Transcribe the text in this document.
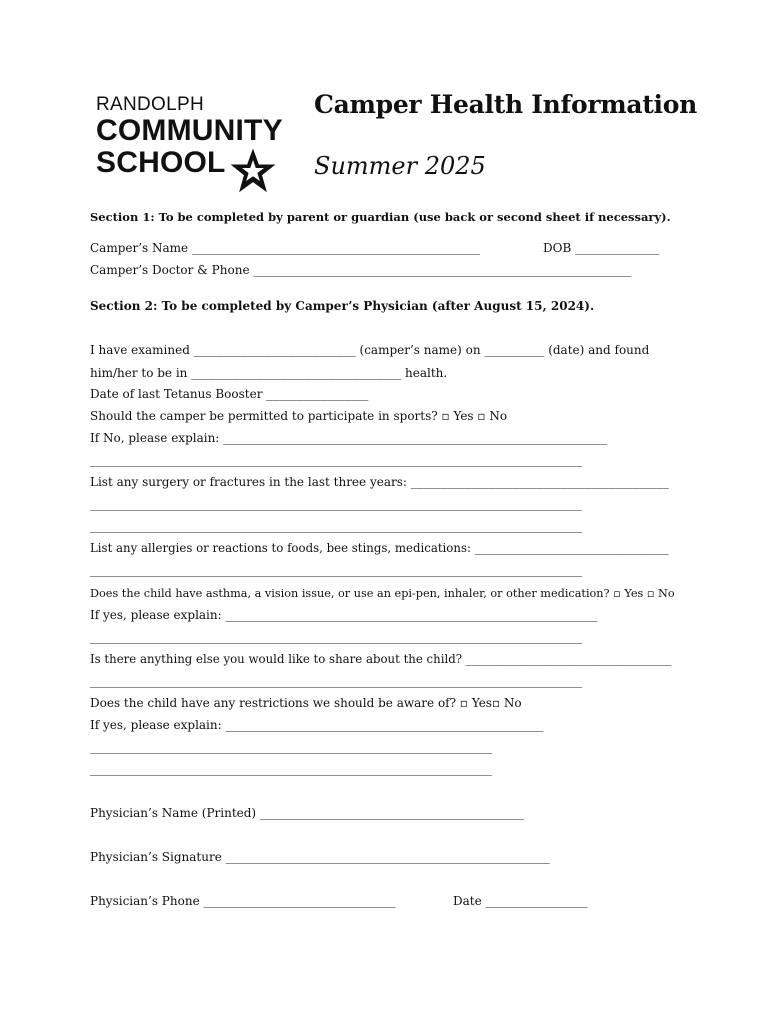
RANDOLPH
COMMUNITY
SCHOOL
Camper Health Information
Summer 2025
Section 1: To be completed by parent or guardian (use back or second sheet if necessary).
Camper’s Name ________________________________________________	DOB ______________
Camper’s Doctor & Phone _______________________________________________________________
Section 2: To be completed by Camper’s Physician (after August 15, 2024).
I have examined ___________________________ (camper’s name) on __________ (date) and found
him/her to be in ___________________________________ health.
Date of last Tetanus Booster _________________
Should the camper be permitted to participate in sports? ▫ Yes ▫ No
If No, please explain: ________________________________________________________________
__________________________________________________________________________________
List any surgery or fractures in the last three years: ___________________________________________
__________________________________________________________________________________
__________________________________________________________________________________
List any allergies or reactions to foods, bee stings, medications: _________________________________
__________________________________________________________________________________
Does the child have asthma, a vision issue, or use an epi-pen, inhaler, or other medication? ▫ Yes ▫ No
If yes, please explain: ______________________________________________________________
__________________________________________________________________________________
Is there anything else you would like to share about the child? ___________________________________
__________________________________________________________________________________
Does the child have any restrictions we should be aware of? ▫ Yes▫ No
If yes, please explain: _____________________________________________________
___________________________________________________________________
___________________________________________________________________
Physician’s Name (Printed) ____________________________________________
Physician’s Signature ______________________________________________________
Physician’s Phone ________________________________	Date _________________
